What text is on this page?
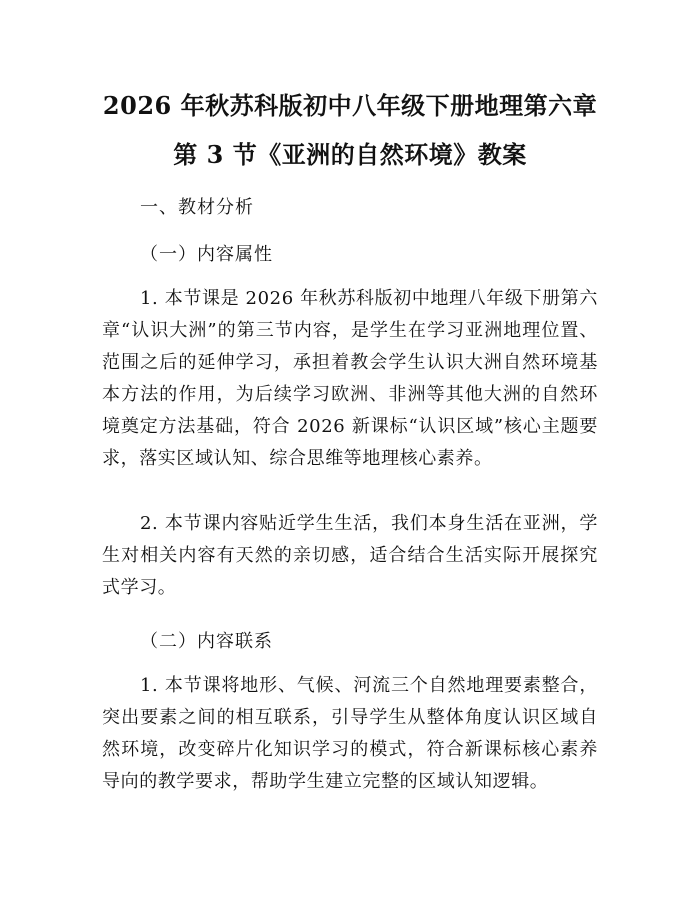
2026 年秋苏科版初中八年级下册地理第六章
第 3 节《亚洲的自然环境》教案
一、教材分析
（一）内容属性

1. 本节课是 2026 年秋苏科版初中地理八年级下册第六章“认识大洲”的第三节内容，是学生在学习亚洲地理位置、范围之后的延伸学习，承担着教会学生认识大洲自然环境基本方法的作用，为后续学习欧洲、非洲等其他大洲的自然环境奠定方法基础，符合 2026 新课标“认识区域”核心主题要求，落实区域认知、综合思维等地理核心素养。

2. 本节课内容贴近学生生活，我们本身生活在亚洲，学生对相关内容有天然的亲切感，适合结合生活实际开展探究式学习。

（二）内容联系

1. 本节课将地形、气候、河流三个自然地理要素整合，突出要素之间的相互联系，引导学生从整体角度认识区域自然环境，改变碎片化知识学习的模式，符合新课标核心素养导向的教学要求，帮助学生建立完整的区域认知逻辑。
